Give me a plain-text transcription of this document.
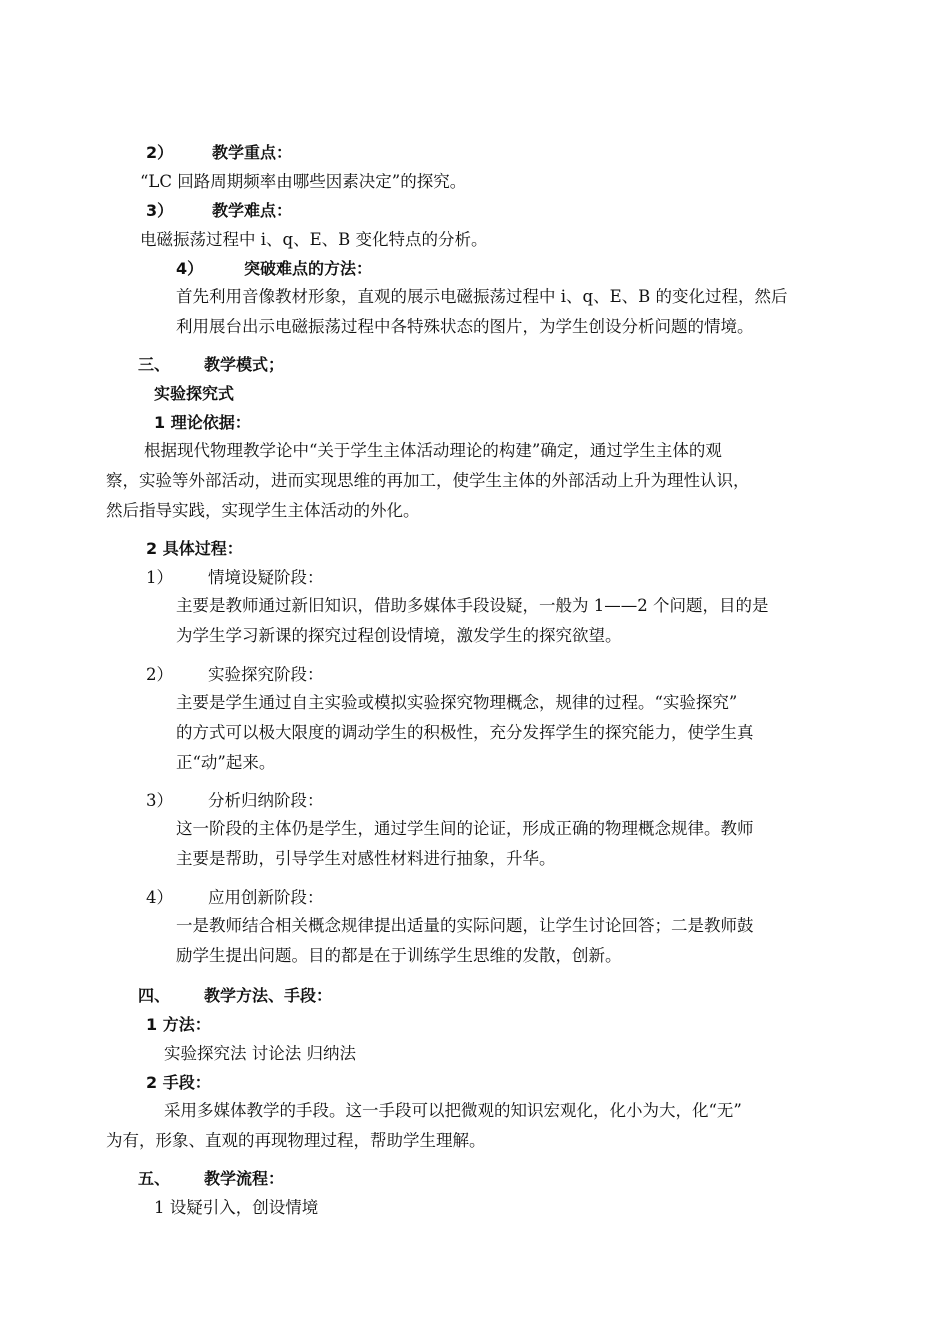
2） 教学重点：
“LC 回路周期频率由哪些因素决定”的探究。
3） 教学难点：
电磁振荡过程中 i、q、E、B 变化特点的分析。
4）	突破难点的方法：
首先利用音像教材形象，直观的展示电磁振荡过程中 i、q、E、B 的变化过程，然后
利用展台出示电磁振荡过程中各特殊状态的图片，为学生创设分析问题的情境。
三、 教学模式；
实验探究式
1 理论依据：
根据现代物理教学论中“关于学生主体活动理论的构建”确定，通过学生主体的观
察，实验等外部活动，进而实现思维的再加工，使学生主体的外部活动上升为理性认识，
然后指导实践，实现学生主体活动的外化。
2 具体过程：
1） 情境设疑阶段：
主要是教师通过新旧知识，借助多媒体手段设疑，一般为 1——2 个问题，目的是
为学生学习新课的探究过程创设情境，激发学生的探究欲望。
2） 实验探究阶段：
主要是学生通过自主实验或模拟实验探究物理概念，规律的过程。“实验探究”
的方式可以极大限度的调动学生的积极性，充分发挥学生的探究能力，使学生真
正“动”起来。
3） 分析归纳阶段：
这一阶段的主体仍是学生，通过学生间的论证，形成正确的物理概念规律。教师
主要是帮助，引导学生对感性材料进行抽象，升华。
4） 应用创新阶段：
一是教师结合相关概念规律提出适量的实际问题，让学生讨论回答；二是教师鼓
励学生提出问题。目的都是在于训练学生思维的发散，创新。
四、 教学方法、手段：
1 方法：
实验探究法 讨论法 归纳法
2 手段：
采用多媒体教学的手段。这一手段可以把微观的知识宏观化，化小为大，化“无”
为有，形象、直观的再现物理过程，帮助学生理解。
五、 教学流程：
1 设疑引入，创设情境
